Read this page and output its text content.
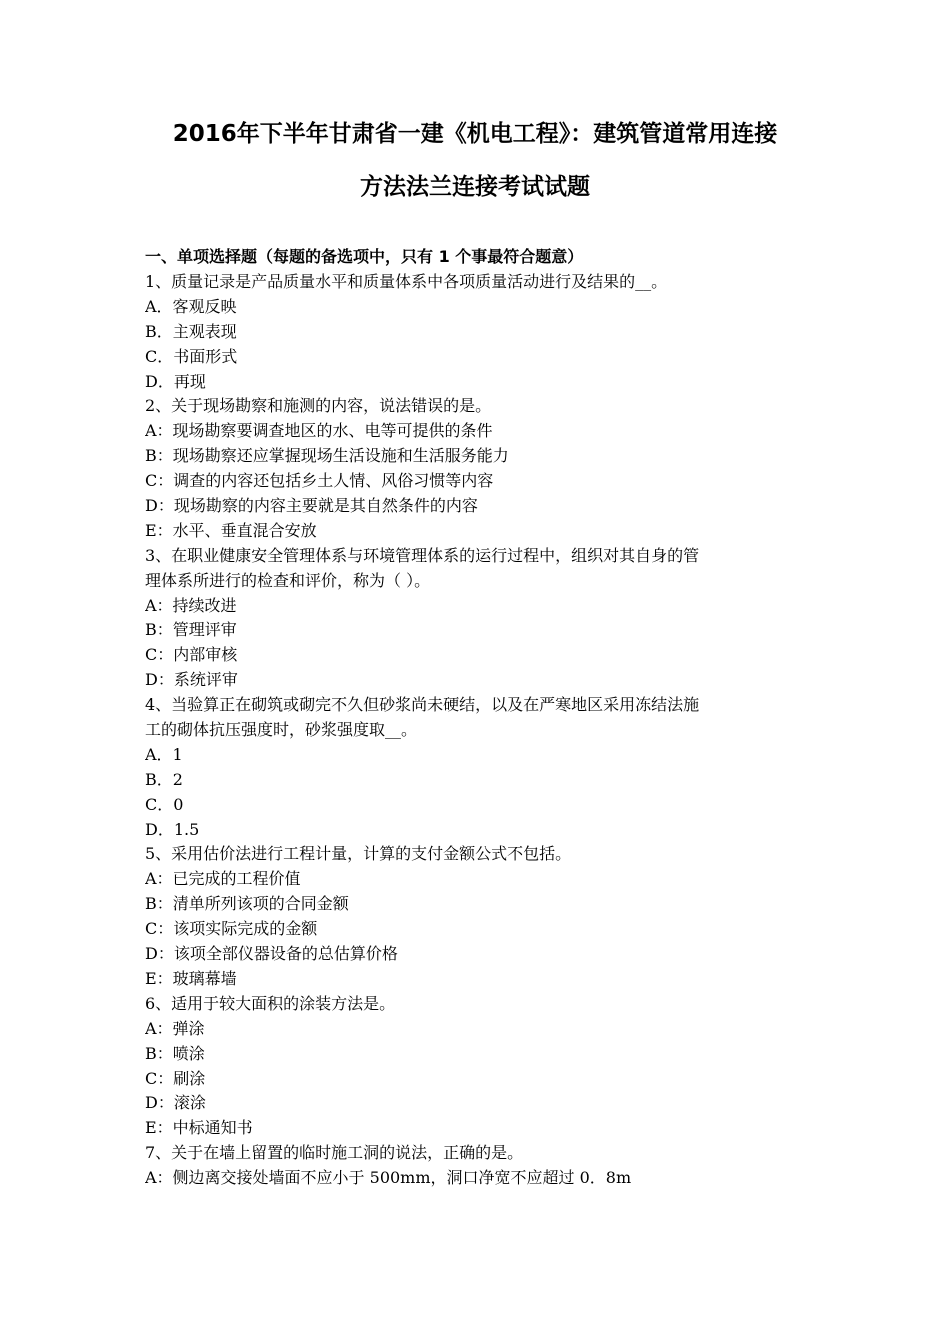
2016年下半年甘肃省一建《机电工程》：建筑管道常用连接
方法法兰连接考试试题
一、单项选择题（每题的备选项中，只有 1 个事最符合题意）
1、质量记录是产品质量水平和质量体系中各项质量活动进行及结果的__。
A．客观反映
B．主观表现
C．书面形式
D．再现
2、关于现场勘察和施测的内容，说法错误的是。
A：现场勘察要调查地区的水、电等可提供的条件
B：现场勘察还应掌握现场生活设施和生活服务能力
C：调查的内容还包括乡土人情、风俗习惯等内容
D：现场勘察的内容主要就是其自然条件的内容
E：水平、垂直混合安放
3、在职业健康安全管理体系与环境管理体系的运行过程中，组织对其自身的管
理体系所进行的检查和评价，称为（ ）。
A：持续改进
B：管理评审
C：内部审核
D：系统评审
4、当验算正在砌筑或砌完不久但砂浆尚未硬结，以及在严寒地区采用冻结法施
工的砌体抗压强度时，砂浆强度取__。
A．1
B．2
C．0
D．1.5
5、采用估价法进行工程计量，计算的支付金额公式不包括。
A：已完成的工程价值
B：清单所列该项的合同金额
C：该项实际完成的金额
D：该项全部仪器设备的总估算价格
E：玻璃幕墙
6、适用于较大面积的涂装方法是。
A：弹涂
B：喷涂
C：刷涂
D：滚涂
E：中标通知书
7、关于在墙上留置的临时施工洞的说法，正确的是。
A：侧边离交接处墙面不应小于 500mm，洞口净宽不应超过 0．8m
